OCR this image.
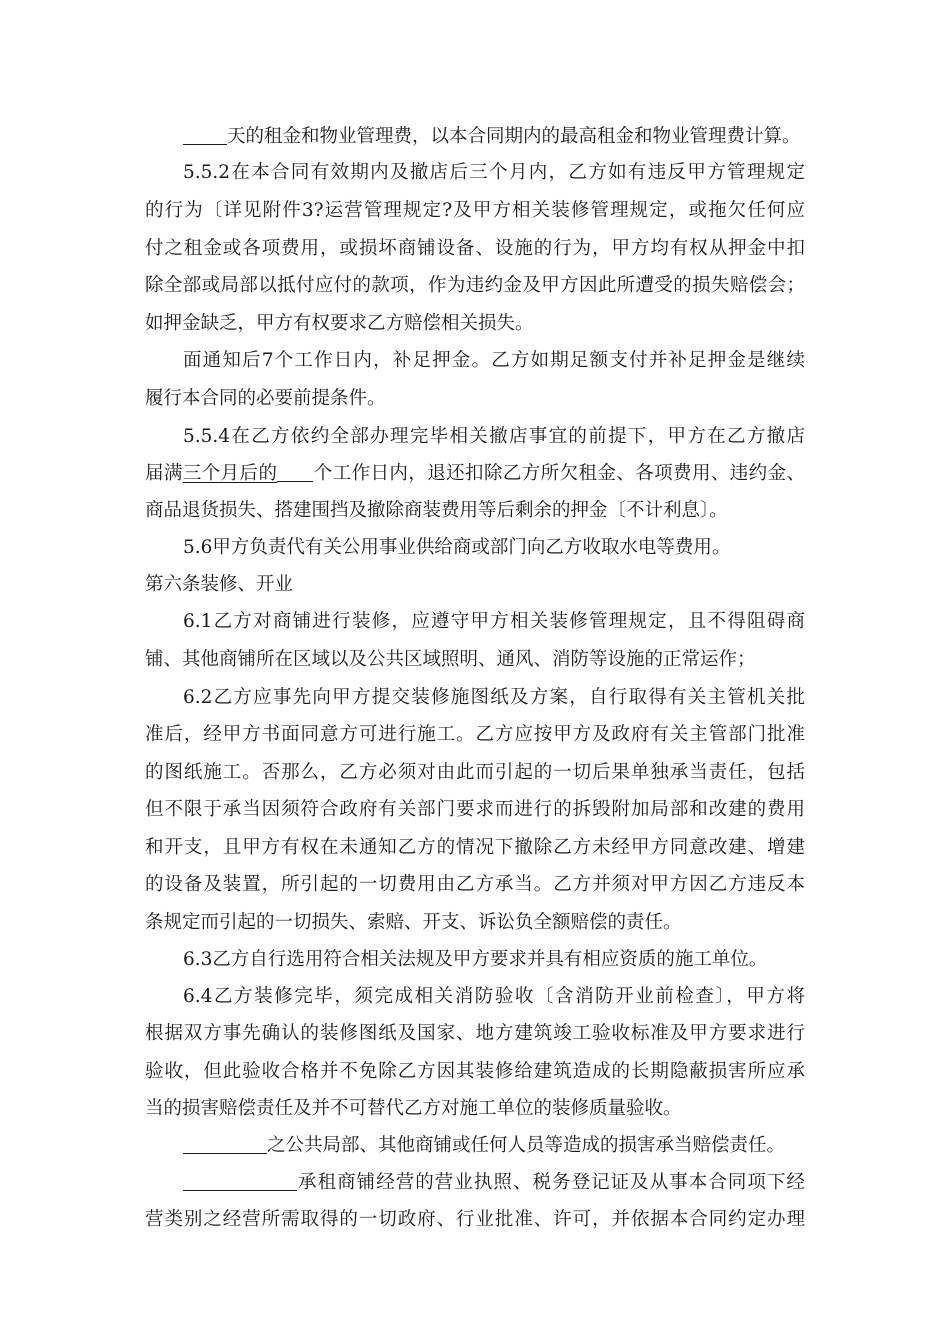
天的租金和物业管理费，以本合同期内的最高租金和物业管理费计算。
5.5.2在本合同有效期内及撤店后三个月内，乙方如有违反甲方管理规定
的行为〔详见附件3?运营管理规定?及甲方相关装修管理规定，或拖欠任何应
付之租金或各项费用，或损坏商铺设备、设施的行为，甲方均有权从押金中扣
除全部或局部以抵付应付的款项，作为违约金及甲方因此所遭受的损失赔偿会；
如押金缺乏，甲方有权要求乙方赔偿相关损失。
面通知后7个工作日内，补足押金。乙方如期足额支付并补足押金是继续
履行本合同的必要前提条件。
5.5.4在乙方依约全部办理完毕相关撤店事宜的前提下，甲方在乙方撤店
届满三个月后的 个工作日内，退还扣除乙方所欠租金、各项费用、违约金、
商品退货损失、搭建围挡及撤除商装费用等后剩余的押金〔不计利息〕。
5.6甲方负责代有关公用事业供给商或部门向乙方收取水电等费用。
第六条装修、开业
6.1乙方对商铺进行装修，应遵守甲方相关装修管理规定，且不得阻碍商
铺、其他商铺所在区域以及公共区域照明、通风、消防等设施的正常运作；
6.2乙方应事先向甲方提交装修施图纸及方案，自行取得有关主管机关批
准后，经甲方书面同意方可进行施工。乙方应按甲方及政府有关主管部门批准
的图纸施工。否那么，乙方必须对由此而引起的一切后果单独承当责任，包括
但不限于承当因须符合政府有关部门要求而进行的拆毁附加局部和改建的费用
和开支，且甲方有权在未通知乙方的情况下撤除乙方未经甲方同意改建、增建
的设备及装置，所引起的一切费用由乙方承当。乙方并须对甲方因乙方违反本
条规定而引起的一切损失、索赔、开支、诉讼负全额赔偿的责任。
6.3乙方自行选用符合相关法规及甲方要求并具有相应资质的施工单位。
6.4乙方装修完毕，须完成相关消防验收〔含消防开业前检查〕，甲方将
根据双方事先确认的装修图纸及国家、地方建筑竣工验收标准及甲方要求进行
验收，但此验收合格并不免除乙方因其装修给建筑造成的长期隐蔽损害所应承
当的损害赔偿责任及并不可替代乙方对施工单位的装修质量验收。
之公共局部、其他商铺或任何人员等造成的损害承当赔偿责任。
承租商铺经营的营业执照、税务登记证及从事本合同项下经
营类别之经营所需取得的一切政府、行业批准、许可，并依据本合同约定办理
